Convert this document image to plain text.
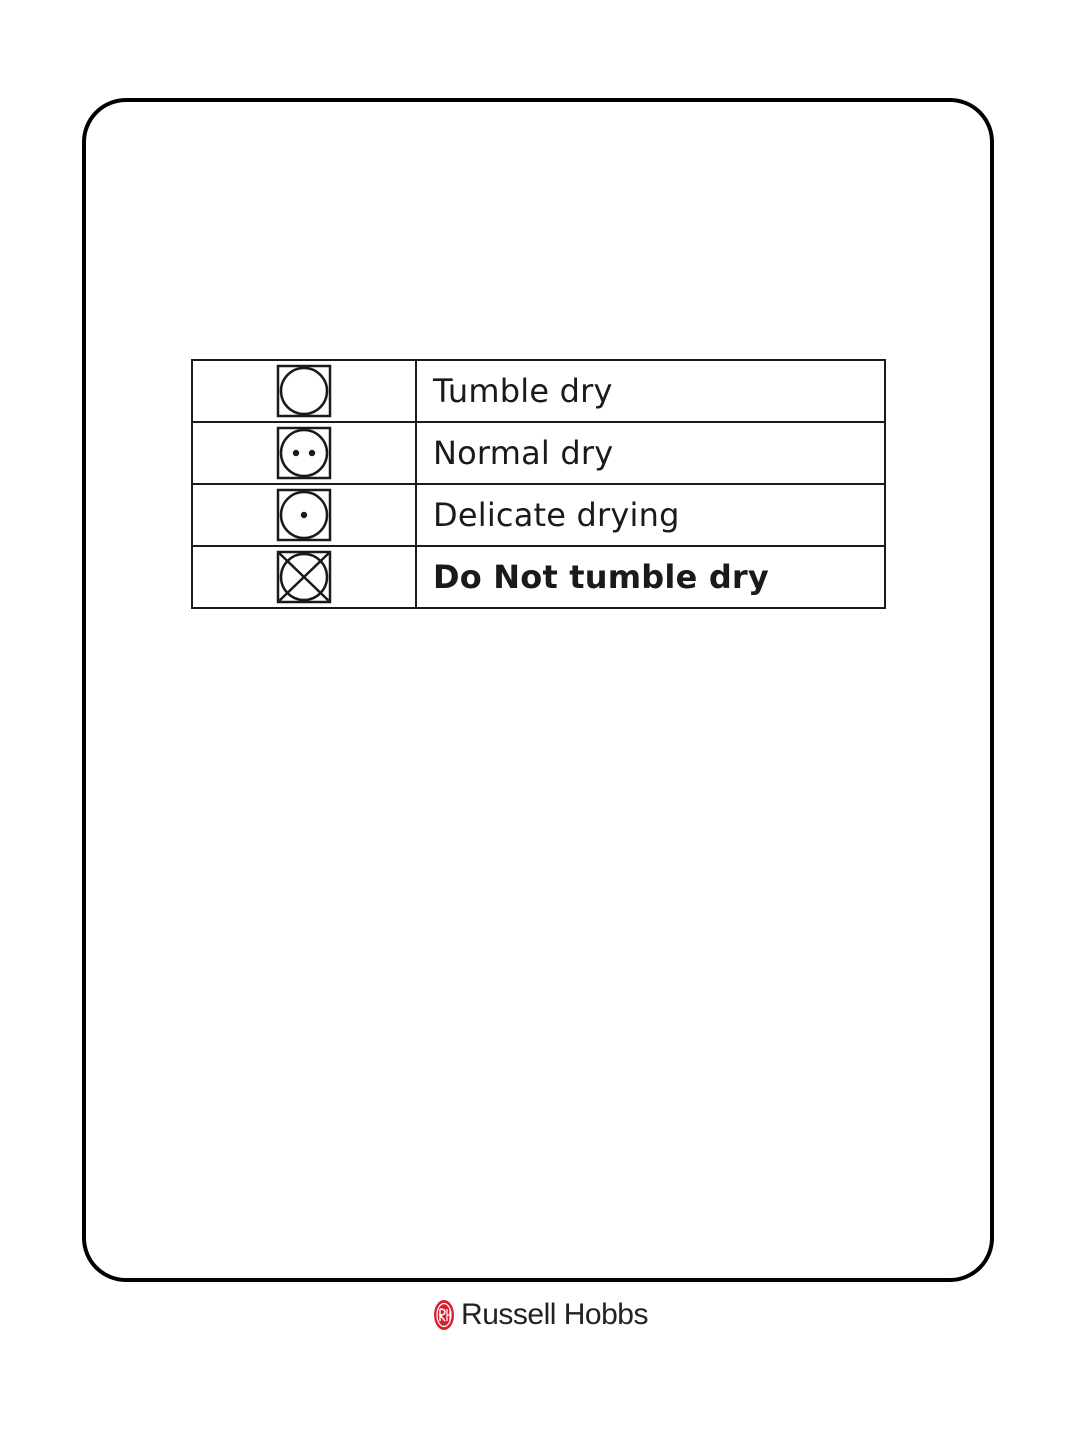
	Tumble dry
	Normal dry
	Delicate drying
	Do Not tumble dry
Russell Hobbs
